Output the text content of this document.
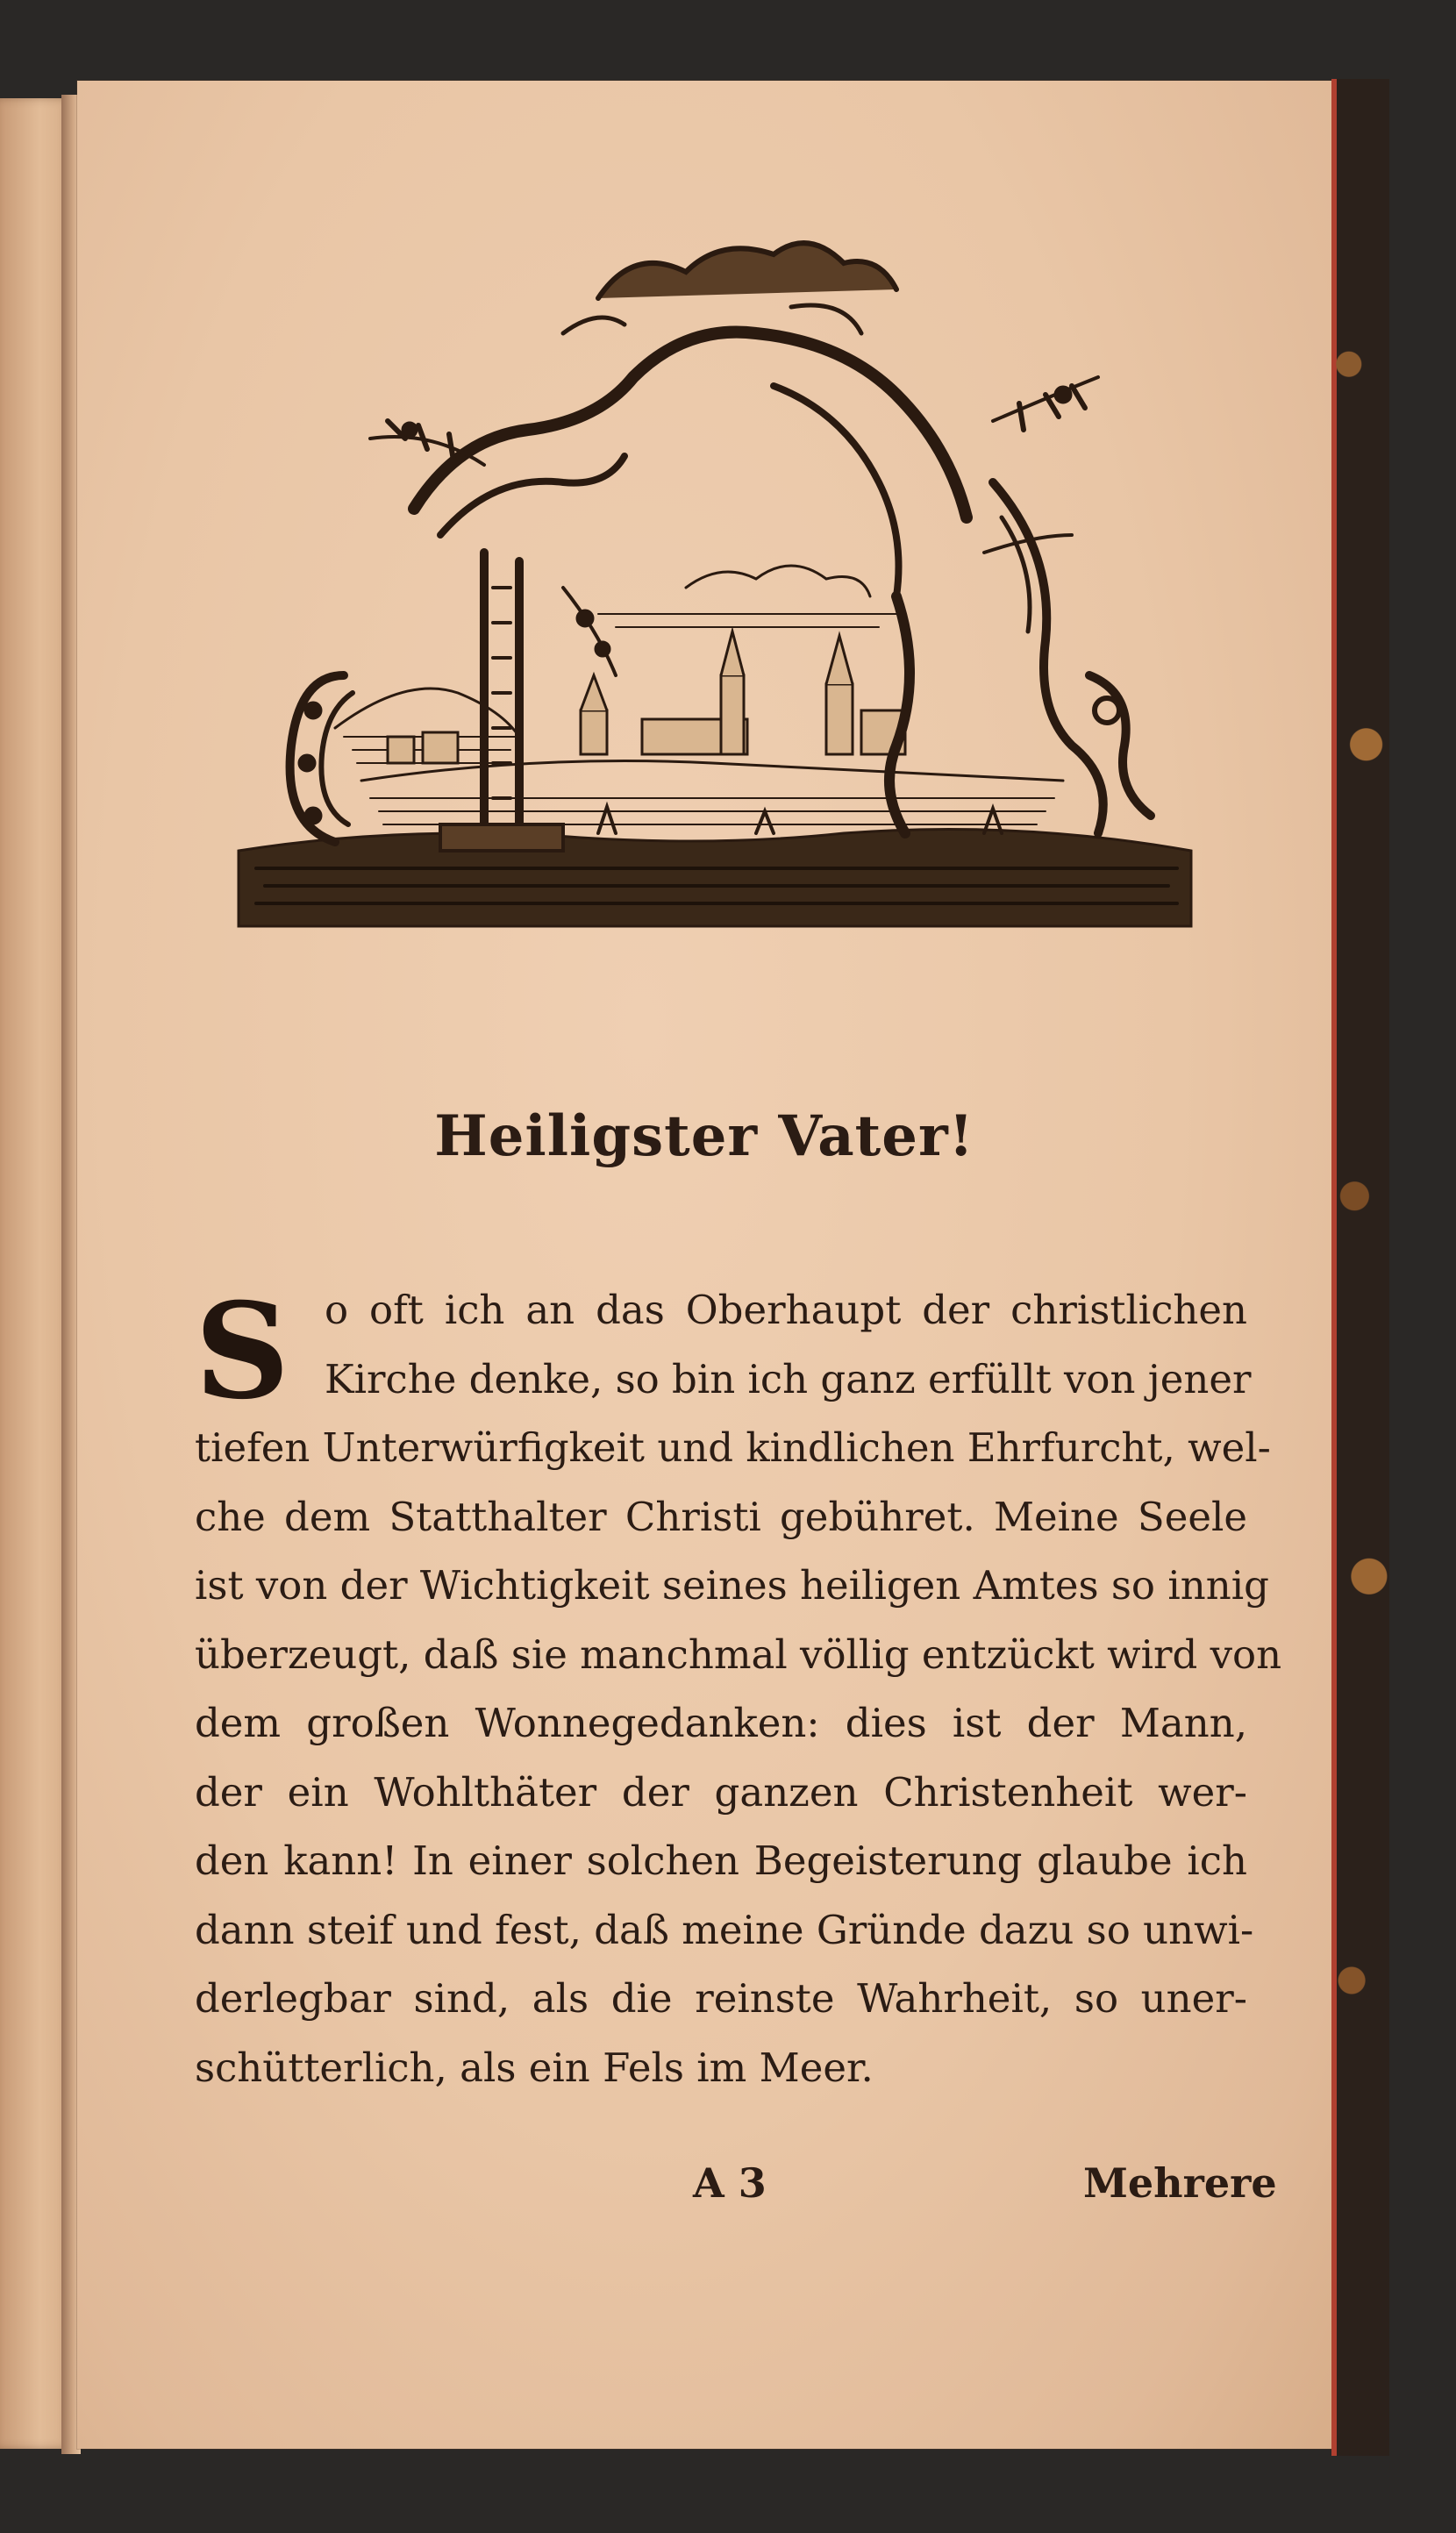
Heiligster Vater!
S o oft ich an das Oberhaupt der christlichen
Kirche denke, so bin ich ganz erfüllt von jener
tiefen Unterwürfigkeit und kindlichen Ehrfurcht, wel-
che dem Statthalter Christi gebühret. Meine Seele
ist von der Wichtigkeit seines heiligen Amtes so innig
überzeugt, daß sie manchmal völlig entzückt wird von
dem großen Wonnegedanken: dies ist der Mann,
der ein Wohlthäter der ganzen Christenheit wer-
den kann! In einer solchen Begeisterung glaube ich
dann steif und fest, daß meine Gründe dazu so unwi-
derlegbar sind, als die reinste Wahrheit, so uner-
schütterlich, als ein Fels im Meer.
A 3	Mehrere
